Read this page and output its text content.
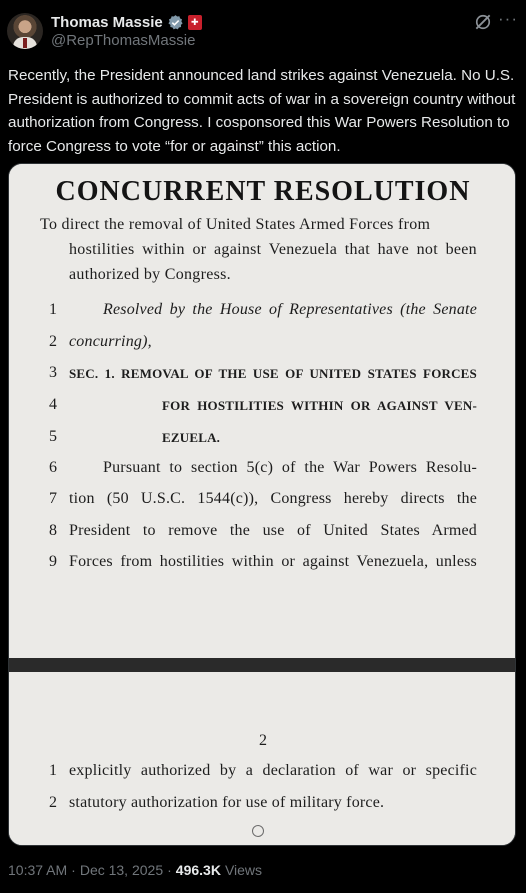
Thomas Massie	✚
@RepThomasMassie
···
Recently, the President announced land strikes against Venezuela. No U.S. President is authorized to commit acts of war in a sovereign country without authorization from Congress. I cosponsored this War Powers Resolution to force Congress to vote “for or against” this action.
CONCURRENT RESOLUTION
To direct the removal of United States Armed Forces from
hostilities within or against Venezuela that have not been
authorized by Congress.
1	Resolved by the House of Representatives (the Senate
2 concurring),
3 SEC. 1. REMOVAL OF THE USE OF UNITED STATES FORCES
4	FOR HOSTILITIES WITHIN OR AGAINST VEN-
5	EZUELA.
6	Pursuant to section 5(c) of the War Powers Resolu-
7 tion (50 U.S.C. 1544(c)), Congress hereby directs the
8 President to remove the use of United States Armed
9 Forces from hostilities within or against Venezuela, unless
2
1 explicitly authorized by a declaration of war or specific
2 statutory authorization for use of military force.
10:37 AM · Dec 13, 2025 · 496.3K Views
